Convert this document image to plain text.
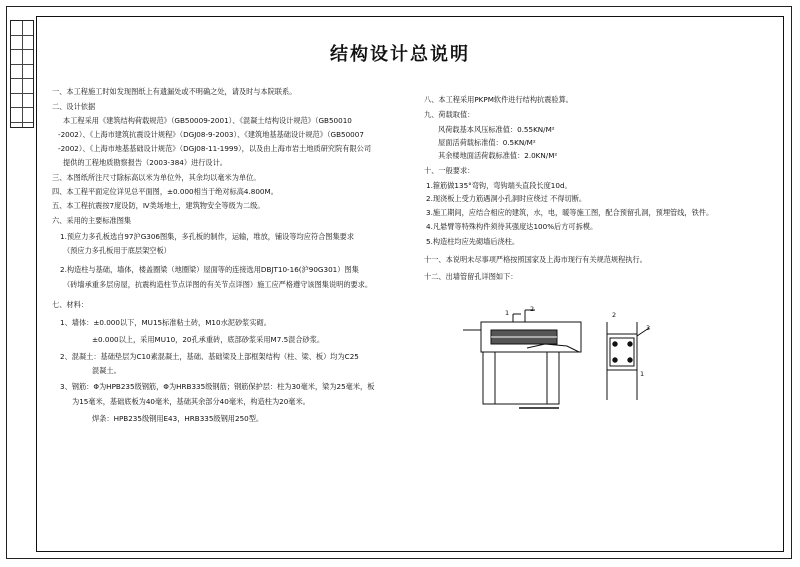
结构设计总说明
一、本工程施工时如发现图纸上有遗漏处或不明确之处，请及时与本院联系。
二、设计依据
本工程采用《建筑结构荷载规范》（GB50009-2001）、《混凝土结构设计规范》（GB50010
-2002）、《上海市建筑抗震设计规程》（DGJ08-9-2003）、《建筑地基基础设计规范》（GB50007
-2002）、《上海市地基基础设计规范》（DGJ08-11-1999），以及由上海市岩土地质研究院有限公司
提供的工程地质勘察报告（2003-384）进行设计。
三、本图纸所注尺寸除标高以米为单位外，其余均以毫米为单位。
四、本工程平面定位详见总平面图，±0.000相当于绝对标高4.800M。
五、本工程抗震按7度设防，Ⅳ类场地土，建筑物安全等级为二级。
六、采用的主要标准图集
1.预应力多孔板选自97沪G306图集，多孔板的制作，运输，堆放，铺设等均应符合图集要求
（预应力多孔板用于底层架空板）
2.构造柱与基础，墙体，楼盖圈梁（地圈梁）屋面等的连接选用DBJT10-16(沪90G301）图集
（砖墙承重多层房屋，抗震构造柱节点详图的有关节点详图）施工应严格遵守该图集说明的要求。
七、材料：
1、墙体：±0.000以下，MU15标准粘土砖，M10水泥砂浆实砌。
±0.000以上，采用MU10，20孔承重砖，底部砂浆采用M7.5混合砂浆。
2、混凝土：基础垫层为C10素混凝土，基础、基础梁及上部框架结构（柱、梁、板）均为C25
混凝土。
3、钢筋：Φ为HPB235级钢筋，Φ为HRB335级钢筋；钢筋保护层：柱为30毫米，梁为25毫米，板
为15毫米，基础底板为40毫米，基础其余部分40毫米，构造柱为20毫米。
焊条：HPB235级钢用E43，HRB335级钢用250型。
八、本工程采用PKPM软件进行结构抗震验算。
九、荷载取值：
风荷载基本风压标准值：0.55KN/M²
屋面活荷载标准值：0.5KN/M²
其余楼地面活荷载标准值：2.0KN/M²
十、一般要求：
1.箍筋做135°弯钩，弯钩端头直段长度10d。
2.现浇板上受力筋遇洞小孔洞时应绕过 不得切断。
3.施工期间，应结合相应的建筑，水，电，暖等施工图，配合预留孔洞，预埋管线，铁件。
4.凡悬臂等特殊构件须待其强度达100%后方可拆模。
5.构造柱均应先砌墙后浇柱。
十一、本说明未尽事项严格按照国家及上海市现行有关规范规程执行。
十二、出墙管留孔详图如下：
1	2
2
3
1
